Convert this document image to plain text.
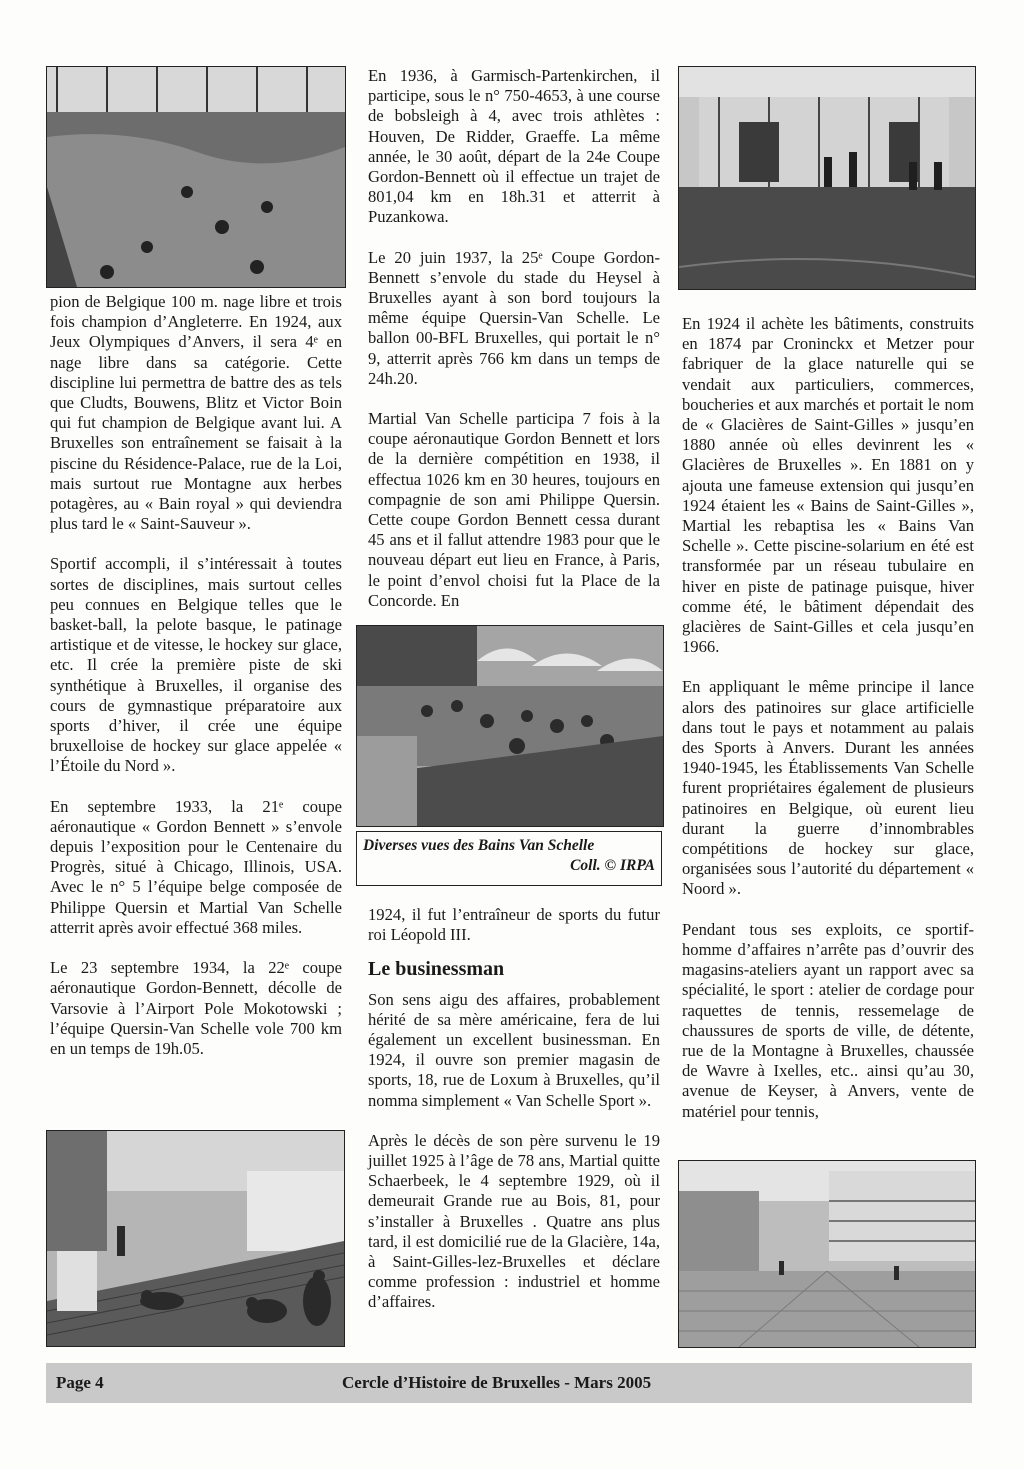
pion de Belgique 100 m. nage libre et trois fois champion d’Angleterre. En 1924, aux Jeux Olympiques d’Anvers, il sera 4ᵉ en nage libre dans sa catégorie. Cette discipline lui permettra de battre des as tels que Cludts, Bouwens, Blitz et Victor Boin qui fut champion de Belgique avant lui. A Bruxelles son entraînement se faisait à la piscine du Résidence-Palace, rue de la Loi, mais surtout rue Montagne aux herbes potagères, au « Bain royal » qui deviendra plus tard le « Saint-Sauveur ».

Sportif accompli, il s’intéressait à toutes sortes de disciplines, mais surtout celles peu connues en Belgique telles que le basket-ball, la pelote basque, le patinage artistique et de vitesse, le hockey sur glace, etc. Il crée la première piste de ski synthétique à Bruxelles, il organise des cours de gymnastique préparatoire aux sports d’hiver, il crée une équipe bruxelloise de hockey sur glace appelée « l’Étoile du Nord ».

En septembre 1933, la 21ᵉ coupe aéronautique « Gordon Bennett » s’envole depuis l’exposition pour le Centenaire du Progrès, situé à Chicago, Illinois, USA. Avec le n° 5 l’équipe belge composée de Philippe Quersin et Martial Van Schelle atterrit après avoir effectué 368 miles.

Le 23 septembre 1934, la 22ᵉ coupe aéronautique Gordon-Bennett, décolle de Varsovie à l’Airport Pole Mokotowski ; l’équipe Quersin-Van Schelle vole 700 km en un temps de 19h.05.

En 1936, à Garmisch-Partenkirchen, il participe, sous le n° 750-4653, à une course de bobsleigh à 4, avec trois athlètes : Houven, De Ridder, Graeffe. La même année, le 30 août, départ de la 24e Coupe Gordon-Bennett où il effectue un trajet de 801,04 km en 18h.31 et atterrit à Puzankowa.

Le 20 juin 1937, la 25ᵉ Coupe Gordon-Bennett s’envole du stade du Heysel à Bruxelles ayant à son bord toujours la même équipe Quersin-Van Schelle. Le ballon 00-BFL Bruxelles, qui portait le n° 9, atterrit après 766 km dans un temps de 24h.20.

Martial Van Schelle participa 7 fois à la coupe aéronautique Gordon Bennett et lors de la dernière compétition en 1938, il effectua 1026 km en 30 heures, toujours en compagnie de son ami Philippe Quersin. Cette coupe Gordon Bennett cessa durant 45 ans et il fallut attendre 1983 pour que le nouveau départ eut lieu en France, à Paris, le point d’envol choisi fut la Place de la Concorde. En

Diverses vues des Bains Van Schelle
Coll. © IRPA

1924, il fut l’entraîneur de sports du futur roi Léopold III.

Le businessman

Son sens aigu des affaires, probablement hérité de sa mère américaine, fera de lui également un excellent businessman. En 1924, il ouvre son premier magasin de sports, 18, rue de Loxum à Bruxelles, qu’il nomma simplement « Van Schelle Sport ».

Après le décès de son père survenu le 19 juillet 1925 à l’âge de 78 ans, Martial quitte Schaerbeek, le 4 septembre 1929, où il demeurait Grande rue au Bois, 81, pour s’installer à Bruxelles . Quatre ans plus tard, il est domicilié rue de la Glacière, 14a, à Saint-Gilles-lez-Bruxelles et déclare comme profession : industriel et homme d’affaires.

En 1924 il achète les bâtiments, construits en 1874 par Croninckx et Metzer pour fabriquer de la glace naturelle qui se vendait aux particuliers, commerces, boucheries et aux marchés et portait le nom de « Glacières de Saint-Gilles » jusqu’en 1880 année où elles devinrent les « Glacières de Bruxelles ». En 1881 on y ajouta une fameuse extension qui jusqu’en 1924 étaient les « Bains de Saint-Gilles », Martial les rebaptisa les « Bains Van Schelle ». Cette piscine-solarium en été est transformée par un réseau tubulaire en hiver en piste de patinage puisque, hiver comme été, le bâtiment dépendait des glacières de Saint-Gilles et cela jusqu’en 1966.

En appliquant le même principe il lance alors des patinoires sur glace artificielle dans tout le pays et notamment au palais des Sports à Anvers. Durant les années 1940-1945, les Établissements Van Schelle furent propriétaires également de plusieurs patinoires en Belgique, où eurent lieu durant la guerre d’innombrables compétitions de hockey sur glace, organisées sous l’autorité du département « Noord ».

Pendant tous ses exploits, ce sportif-homme d’affaires n’arrête pas d’ouvrir des magasins-ateliers ayant un rapport avec sa spécialité, le sport : atelier de cordage pour raquettes de tennis, ressemelage de chaussures de sports de ville, de détente, rue de la Montagne à Bruxelles, chaussée de Wavre à Ixelles, etc.. ainsi qu’au 30, avenue de Keyser, à Anvers, vente de matériel pour tennis,

Page 4	Cercle d’Histoire de Bruxelles - Mars 2005
